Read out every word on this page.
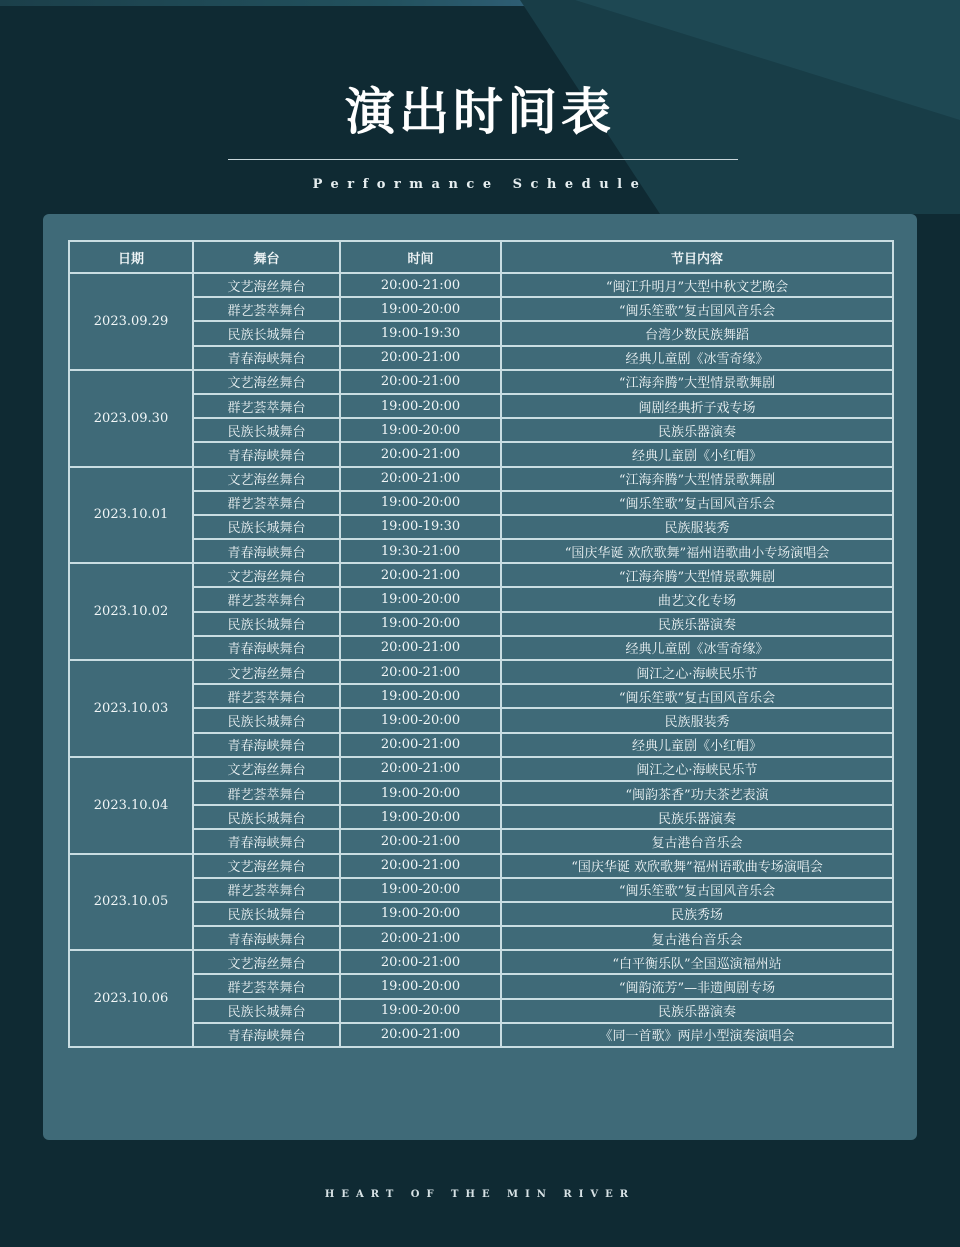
演出时间表
Performance Schedule
日期	舞台	时间	节目内容
2023.09.29	文艺海丝舞台	20:00-21:00	“闽江升明月”大型中秋文艺晚会
	群艺荟萃舞台	19:00-20:00	“闽乐笙歌”复古国风音乐会
	民族长城舞台	19:00-19:30	台湾少数民族舞蹈
	青春海峡舞台	20:00-21:00	经典儿童剧《冰雪奇缘》
2023.09.30	文艺海丝舞台	20:00-21:00	“江海奔腾”大型情景歌舞剧
	群艺荟萃舞台	19:00-20:00	闽剧经典折子戏专场
	民族长城舞台	19:00-20:00	民族乐器演奏
	青春海峡舞台	20:00-21:00	经典儿童剧《小红帽》
2023.10.01	文艺海丝舞台	20:00-21:00	“江海奔腾”大型情景歌舞剧
	群艺荟萃舞台	19:00-20:00	“闽乐笙歌”复古国风音乐会
	民族长城舞台	19:00-19:30	民族服装秀
	青春海峡舞台	19:30-21:00	“国庆华诞 欢欣歌舞”福州语歌曲小专场演唱会
2023.10.02	文艺海丝舞台	20:00-21:00	“江海奔腾”大型情景歌舞剧
	群艺荟萃舞台	19:00-20:00	曲艺文化专场
	民族长城舞台	19:00-20:00	民族乐器演奏
	青春海峡舞台	20:00-21:00	经典儿童剧《冰雪奇缘》
2023.10.03	文艺海丝舞台	20:00-21:00	闽江之心·海峡民乐节
	群艺荟萃舞台	19:00-20:00	“闽乐笙歌”复古国风音乐会
	民族长城舞台	19:00-20:00	民族服装秀
	青春海峡舞台	20:00-21:00	经典儿童剧《小红帽》
2023.10.04	文艺海丝舞台	20:00-21:00	闽江之心·海峡民乐节
	群艺荟萃舞台	19:00-20:00	“闽韵茶香”功夫茶艺表演
	民族长城舞台	19:00-20:00	民族乐器演奏
	青春海峡舞台	20:00-21:00	复古港台音乐会
2023.10.05	文艺海丝舞台	20:00-21:00	“国庆华诞 欢欣歌舞”福州语歌曲专场演唱会
	群艺荟萃舞台	19:00-20:00	“闽乐笙歌”复古国风音乐会
	民族长城舞台	19:00-20:00	民族秀场
	青春海峡舞台	20:00-21:00	复古港台音乐会
2023.10.06	文艺海丝舞台	20:00-21:00	“白平衡乐队”全国巡演福州站
	群艺荟萃舞台	19:00-20:00	“闽韵流芳”—非遗闽剧专场
	民族长城舞台	19:00-20:00	民族乐器演奏
	青春海峡舞台	20:00-21:00	《同一首歌》两岸小型演奏演唱会
HEART OF THE MIN RIVER
